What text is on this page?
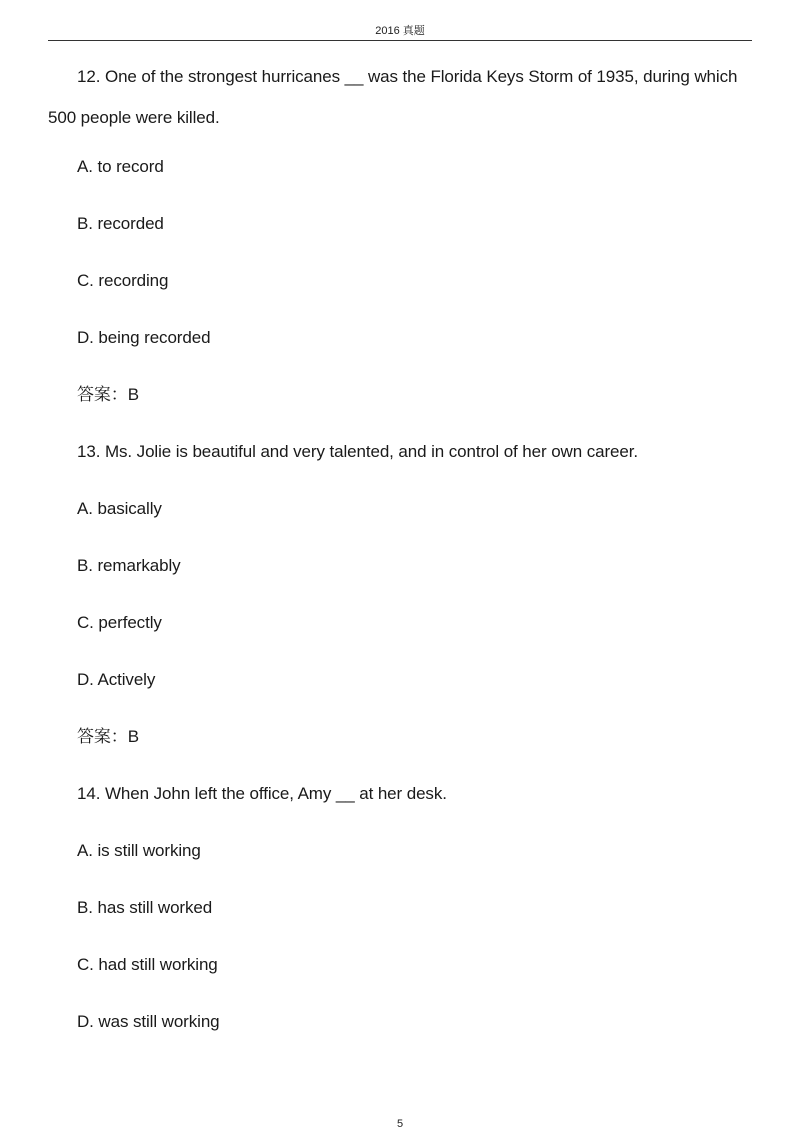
2016 真题

12. One of the strongest hurricanes __ was the Florida Keys Storm of 1935, during which 500 people were killed.

A. to record

B. recorded

C. recording

D. being recorded

答案：B

13. Ms. Jolie is beautiful and very talented, and in control of her own career.

A. basically

B. remarkably

C. perfectly

D. Actively

答案：B

14. When John left the office, Amy __ at her desk.

A. is still working

B. has still worked

C. had still working

D. was still working

5
